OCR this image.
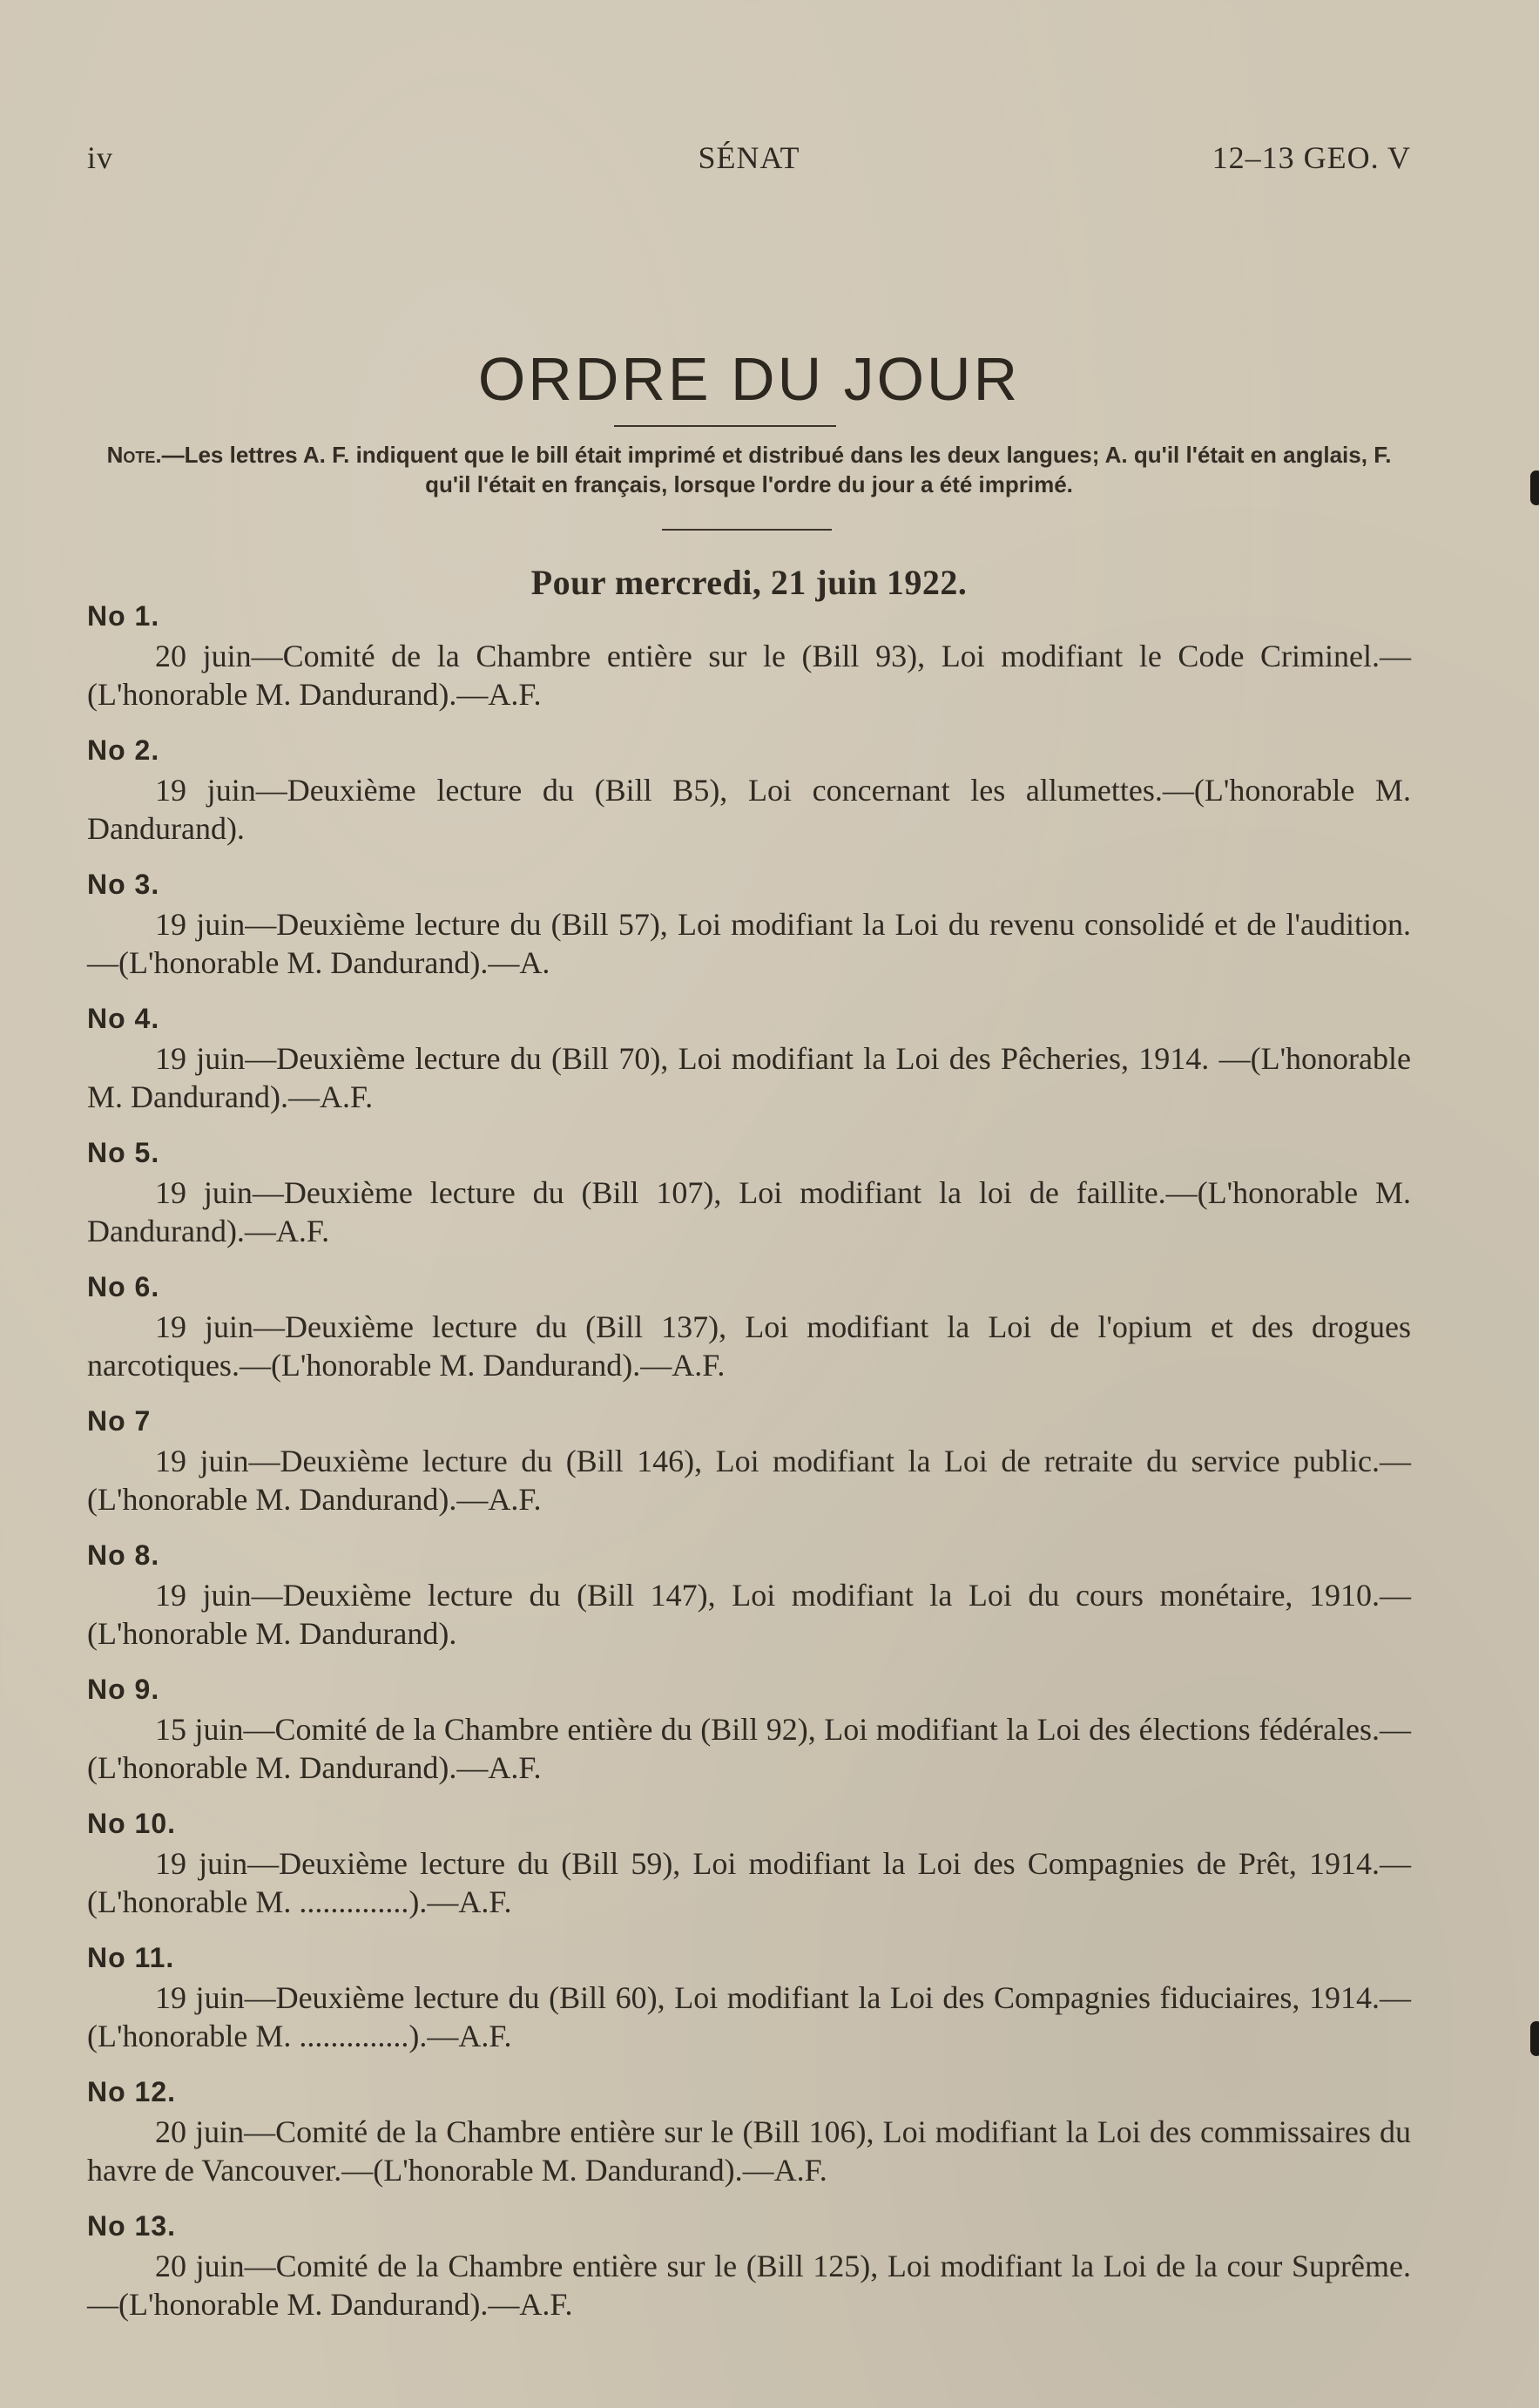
iv	SÉNAT	12–13 GEO. V
ORDRE DU JOUR
Note.—Les lettres A. F. indiquent que le bill était imprimé et distribué dans les deux langues; A. qu'il l'était en anglais, F. qu'il l'était en français, lorsque l'ordre du jour a été imprimé.
Pour mercredi, 21 juin 1922.
No 1.
20 juin—Comité de la Chambre entière sur le (Bill 93), Loi modifiant le Code Criminel.—(L'honorable M. Dandurand).—A.F.
No 2.
19 juin—Deuxième lecture du (Bill B5), Loi concernant les allumettes.—(L'honorable M. Dandurand).
No 3.
19 juin—Deuxième lecture du (Bill 57), Loi modifiant la Loi du revenu consolidé et de l'audition.—(L'honorable M. Dandurand).—A.
No 4.
19 juin—Deuxième lecture du (Bill 70), Loi modifiant la Loi des Pêcheries, 1914. —(L'honorable M. Dandurand).—A.F.
No 5.
19 juin—Deuxième lecture du (Bill 107), Loi modifiant la loi de faillite.—(L'honorable M. Dandurand).—A.F.
No 6.
19 juin—Deuxième lecture du (Bill 137), Loi modifiant la Loi de l'opium et des drogues narcotiques.—(L'honorable M. Dandurand).—A.F.
No 7
19 juin—Deuxième lecture du (Bill 146), Loi modifiant la Loi de retraite du service public.—(L'honorable M. Dandurand).—A.F.
No 8.
19 juin—Deuxième lecture du (Bill 147), Loi modifiant la Loi du cours monétaire, 1910.—(L'honorable M. Dandurand).
No 9.
15 juin—Comité de la Chambre entière du (Bill 92), Loi modifiant la Loi des élections fédérales.—(L'honorable M. Dandurand).—A.F.
No 10.
19 juin—Deuxième lecture du (Bill 59), Loi modifiant la Loi des Compagnies de Prêt, 1914.—(L'honorable M. ..............).—A.F.
No 11.
19 juin—Deuxième lecture du (Bill 60), Loi modifiant la Loi des Compagnies fiduciaires, 1914.—(L'honorable M. ..............).—A.F.
No 12.
20 juin—Comité de la Chambre entière sur le (Bill 106), Loi modifiant la Loi des commissaires du havre de Vancouver.—(L'honorable M. Dandurand).—A.F.
No 13.
20 juin—Comité de la Chambre entière sur le (Bill 125), Loi modifiant la Loi de la cour Suprême.—(L'honorable M. Dandurand).—A.F.
